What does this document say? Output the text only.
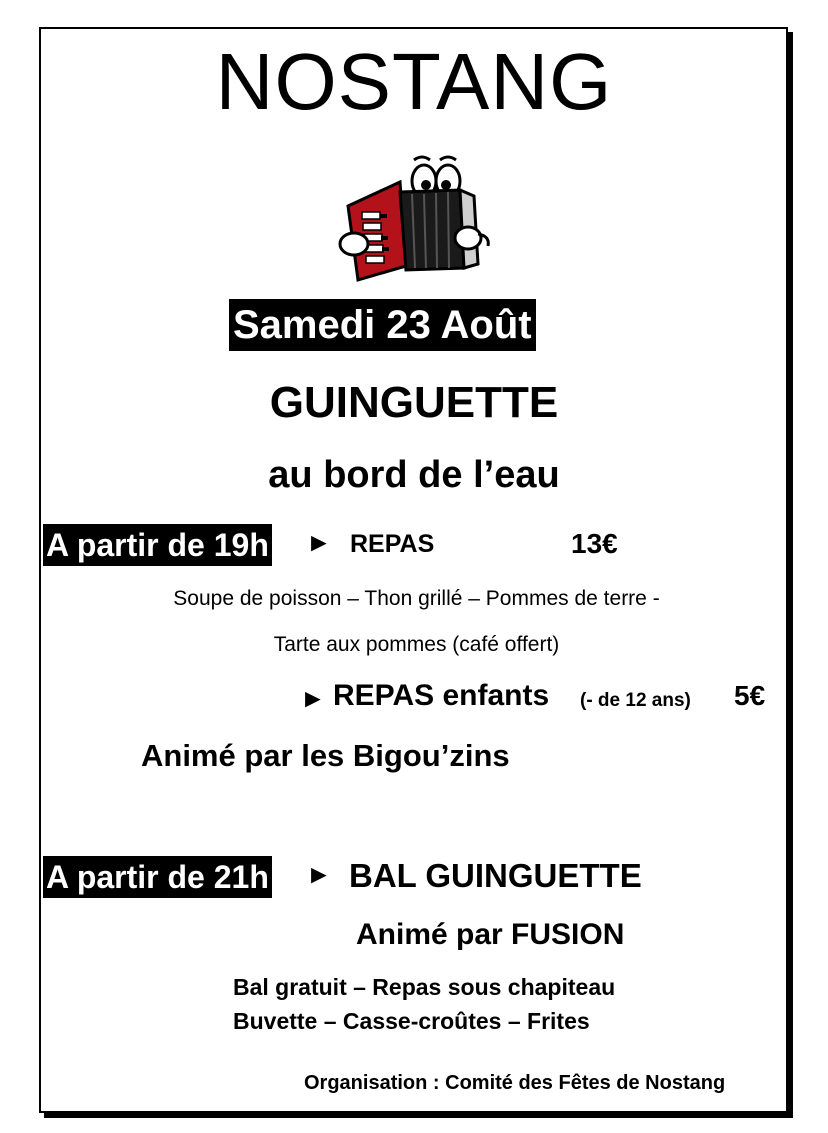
NOSTANG
Samedi 23 Août
GUINGUETTE
au bord de l’eau
A partir de 19h ► REPAS	13€
Soupe de poisson – Thon grillé – Pommes de terre -
Tarte aux pommes (café offert)
► REPAS enfants (- de 12 ans) 5€
Animé par les Bigou’zins
A partir de 21h ► BAL GUINGUETTE
Animé par FUSION
Bal gratuit – Repas sous chapiteau
Buvette – Casse-croûtes – Frites
Organisation : Comité des Fêtes de Nostang
